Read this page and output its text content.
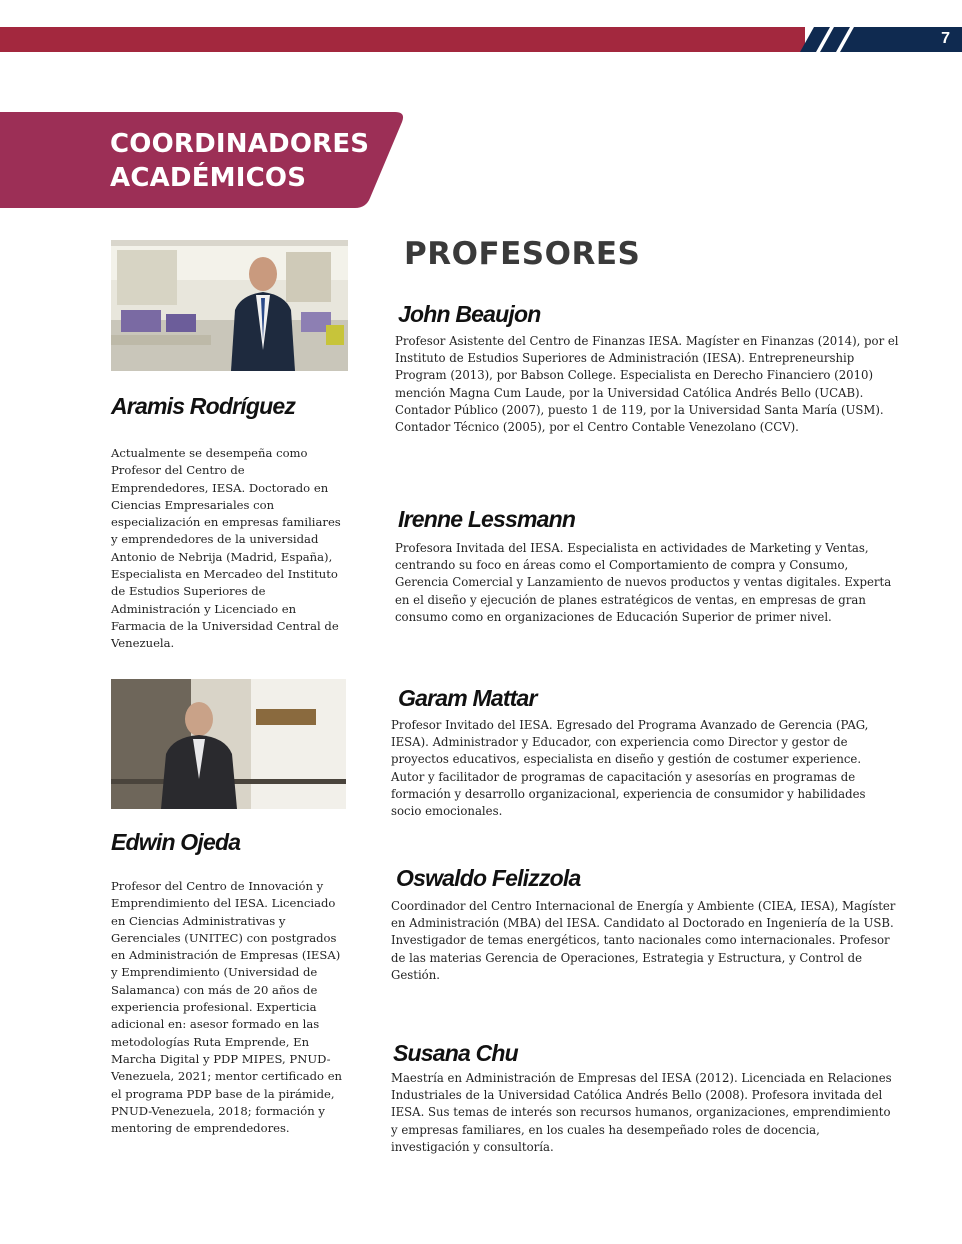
7
COORDINADORES
ACADÉMICOS
Aramis Rodríguez
Actualmente se desempeña como Profesor del Centro de Emprendedores, IESA. Doctorado en Ciencias Empresariales con especialización en empresas familiares y emprendedores de la universidad Antonio de Nebrija (Madrid, España), Especialista en Mercadeo del Instituto de Estudios Superiores de Administración y Licenciado en Farmacia de la Universidad Central de Venezuela.
Edwin Ojeda
Profesor del Centro de Innovación y Emprendimiento del IESA. Licenciado en Ciencias Administrativas y Gerenciales (UNITEC) con postgrados en Administración de Empresas (IESA) y Emprendimiento (Universidad de Salamanca) con más de 20 años de experiencia profesional. Experticia adicional en: asesor formado en las metodologías Ruta Emprende, En Marcha Digital y PDP MIPES, PNUD-Venezuela, 2021; mentor certificado en el programa PDP base de la pirámide, PNUD-Venezuela, 2018; formación y mentoring de emprendedores.
PROFESORES
John Beaujon
Profesor Asistente del Centro de Finanzas IESA. Magíster en Finanzas (2014), por el Instituto de Estudios Superiores de Administración (IESA). Entrepreneurship Program (2013), por Babson College. Especialista en Derecho Financiero (2010) mención Magna Cum Laude, por la Universidad Católica Andrés Bello (UCAB). Contador Público (2007), puesto 1 de 119, por la Universidad Santa María (USM). Contador Técnico (2005), por el Centro Contable Venezolano (CCV).
Irenne Lessmann
Profesora Invitada del IESA. Especialista en actividades de Marketing y Ventas, centrando su foco en áreas como el Comportamiento de compra y Consumo, Gerencia Comercial y Lanzamiento de nuevos productos y ventas digitales. Experta en el diseño y ejecución de planes estratégicos de ventas, en empresas de gran consumo como en organizaciones de Educación Superior de primer nivel.
Garam Mattar
Profesor Invitado del IESA. Egresado del Programa Avanzado de Gerencia (PAG, IESA). Administrador y Educador, con experiencia como Director y gestor de proyectos educativos, especialista en diseño y gestión de costumer experience. Autor y facilitador de programas de capacitación y asesorías en programas de formación y desarrollo organizacional, experiencia de consumidor y habilidades socio emocionales.
Oswaldo Felizzola
Coordinador del Centro Internacional de Energía y Ambiente (CIEA, IESA), Magíster en Administración (MBA) del IESA. Candidato al Doctorado en Ingeniería de la USB. Investigador de temas energéticos, tanto nacionales como internacionales. Profesor de las materias Gerencia de Operaciones, Estrategia y Estructura, y Control de Gestión.
Susana Chu
Maestría en Administración de Empresas del IESA (2012). Licenciada en Relaciones Industriales de la Universidad Católica Andrés Bello (2008). Profesora invitada del IESA. Sus temas de interés son recursos humanos, organizaciones, emprendimiento y empresas familiares, en los cuales ha desempeñado roles de docencia, investigación y consultoría.
